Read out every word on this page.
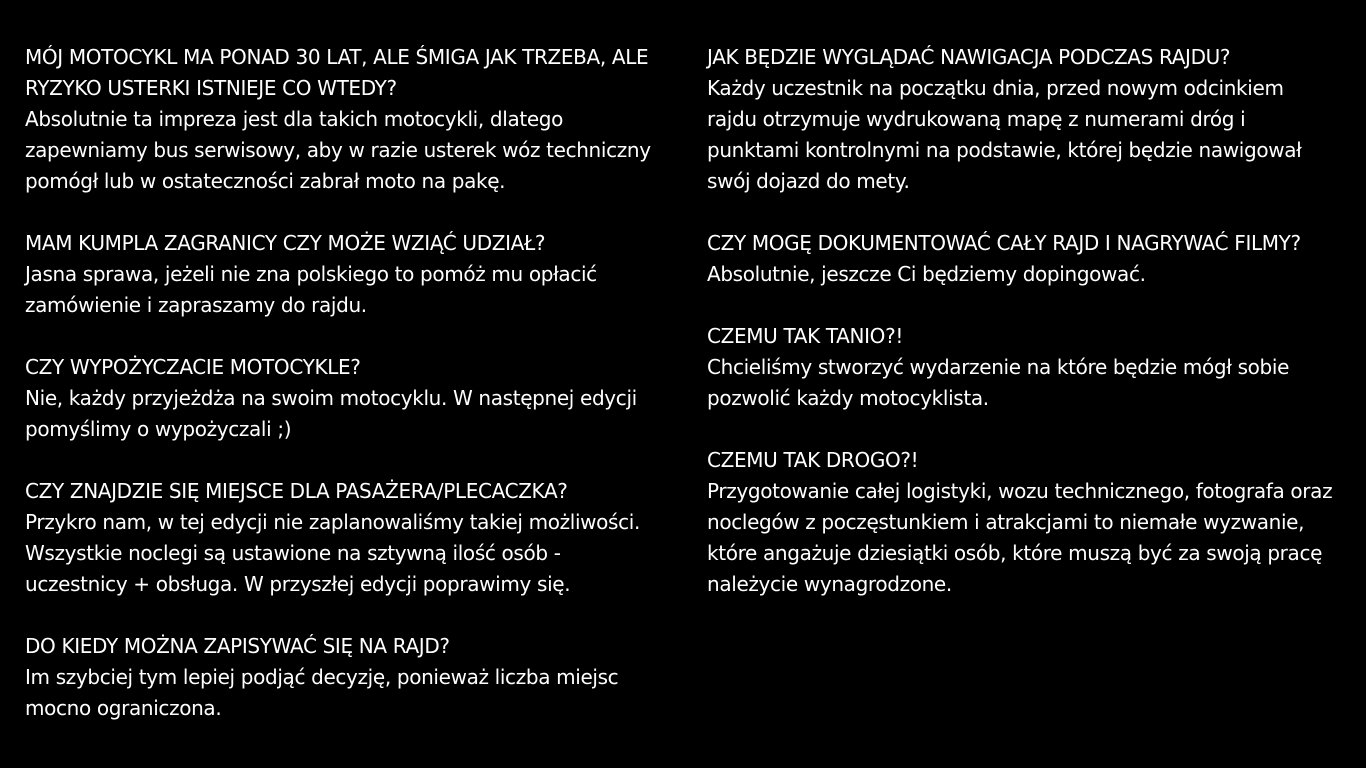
MÓJ MOTOCYKL MA PONAD 30 LAT, ALE ŚMIGA JAK TRZEBA, ALE

RYZYKO USTERKI ISTNIEJE CO WTEDY?

Absolutnie ta impreza jest dla takich motocykli, dlatego

zapewniamy bus serwisowy, aby w razie usterek wóz techniczny

pomógł lub w ostateczności zabrał moto na pakę.

MAM KUMPLA ZAGRANICY CZY MOŻE WZIĄĆ UDZIAŁ?

Jasna sprawa, jeżeli nie zna polskiego to pomóż mu opłacić

zamówienie i zapraszamy do rajdu.

CZY WYPOŻYCZACIE MOTOCYKLE?

Nie, każdy przyjeżdża na swoim motocyklu. W następnej edycji

pomyślimy o wypożyczali ;)

CZY ZNAJDZIE SIĘ MIEJSCE DLA PASAŻERA/PLECACZKA?

Przykro nam, w tej edycji nie zaplanowaliśmy takiej możliwości.

Wszystkie noclegi są ustawione na sztywną ilość osób -

uczestnicy + obsługa. W przyszłej edycji poprawimy się.

DO KIEDY MOŻNA ZAPISYWAĆ SIĘ NA RAJD?

Im szybciej tym lepiej podjąć decyzję, ponieważ liczba miejsc

mocno ograniczona.

JAK BĘDZIE WYGLĄDAĆ NAWIGACJA PODCZAS RAJDU?

Każdy uczestnik na początku dnia, przed nowym odcinkiem

rajdu otrzymuje wydrukowaną mapę z numerami dróg i

punktami kontrolnymi na podstawie, której będzie nawigował

swój dojazd do mety.

CZY MOGĘ DOKUMENTOWAĆ CAŁY RAJD I NAGRYWAĆ FILMY?

Absolutnie, jeszcze Ci będziemy dopingować.

CZEMU TAK TANIO?!

Chcieliśmy stworzyć wydarzenie na które będzie mógł sobie

pozwolić każdy motocyklista.

CZEMU TAK DROGO?!

Przygotowanie całej logistyki, wozu technicznego, fotografa oraz

noclegów z poczęstunkiem i atrakcjami to niemałe wyzwanie,

które angażuje dziesiątki osób, które muszą być za swoją pracę

należycie wynagrodzone.
